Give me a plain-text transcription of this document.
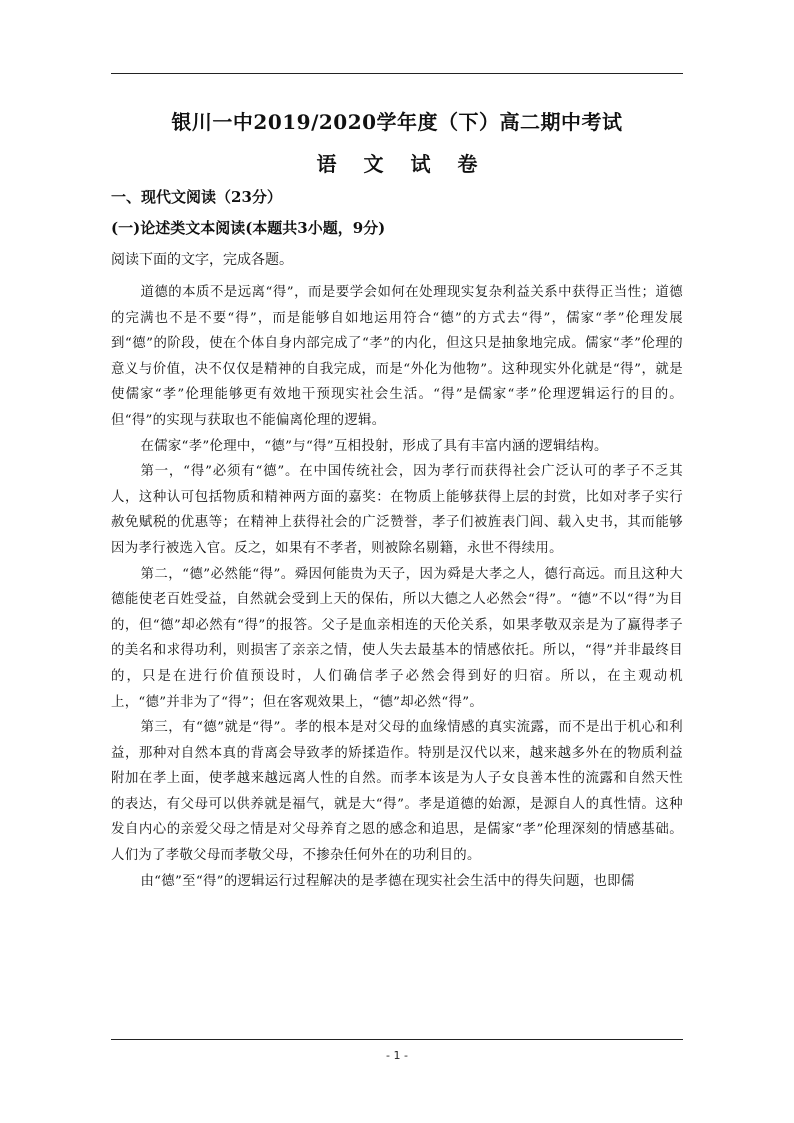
银川一中2019/2020学年度（下）高二期中考试
语 文 试 卷
一、现代文阅读（23分）
(一)论述类文本阅读(本题共3小题，9分)
阅读下面的文字，完成各题。

道德的本质不是远离“得”，而是要学会如何在处理现实复杂利益关系中获得正当性；道德的完满也不是不要“得”，而是能够自如地运用符合“德”的方式去“得”，儒家“孝”伦理发展到“德”的阶段，使在个体自身内部完成了“孝”的内化，但这只是抽象地完成。儒家“孝”伦理的意义与价值，决不仅仅是精神的自我完成，而是“外化为他物”。这种现实外化就是“得”，就是使儒家“孝”伦理能够更有效地干预现实社会生活。“得”是儒家“孝”伦理逻辑运行的目的。但“得”的实现与获取也不能偏离伦理的逻辑。

在儒家“孝”伦理中，“德”与“得”互相投射，形成了具有丰富内涵的逻辑结构。

第一，“得”必须有“德”。在中国传统社会，因为孝行而获得社会广泛认可的孝子不乏其人，这种认可包括物质和精神两方面的嘉奖：在物质上能够获得上层的封赏，比如对孝子实行赦免赋税的优惠等；在精神上获得社会的广泛赞誉，孝子们被旌表门闾、载入史书，其而能够因为孝行被选入官。反之，如果有不孝者，则被除名剔籍，永世不得续用。

第二，“德”必然能“得”。舜因何能贵为天子，因为舜是大孝之人，德行高远。而且这种大德能使老百姓受益，自然就会受到上天的保佑，所以大德之人必然会“得”。“德”不以“得”为目的，但“德”却必然有“得”的报答。父子是血亲相连的天伦关系，如果孝敬双亲是为了赢得孝子的美名和求得功利，则损害了亲亲之情，使人失去最基本的情感依托。所以，“得”并非最终目的，只是在进行价值预设时，人们确信孝子必然会得到好的归宿。所以，在主观动机上，“德”并非为了“得”；但在客观效果上，“德”却必然“得”。

第三，有“德”就是“得”。孝的根本是对父母的血缘情感的真实流露，而不是出于机心和利益，那种对自然本真的背离会导致孝的矫揉造作。特别是汉代以来，越来越多外在的物质利益附加在孝上面，使孝越来越远离人性的自然。而孝本该是为人子女良善本性的流露和自然天性的表达，有父母可以供养就是福气，就是大“得”。孝是道德的始源，是源自人的真性情。这种发自内心的亲爱父母之情是对父母养育之恩的感念和追思，是儒家“孝”伦理深刻的情感基础。人们为了孝敬父母而孝敬父母，不掺杂任何外在的功利目的。

由“德”至“得”的逻辑运行过程解决的是孝德在现实社会生活中的得失问题，也即儒

- 1 -
